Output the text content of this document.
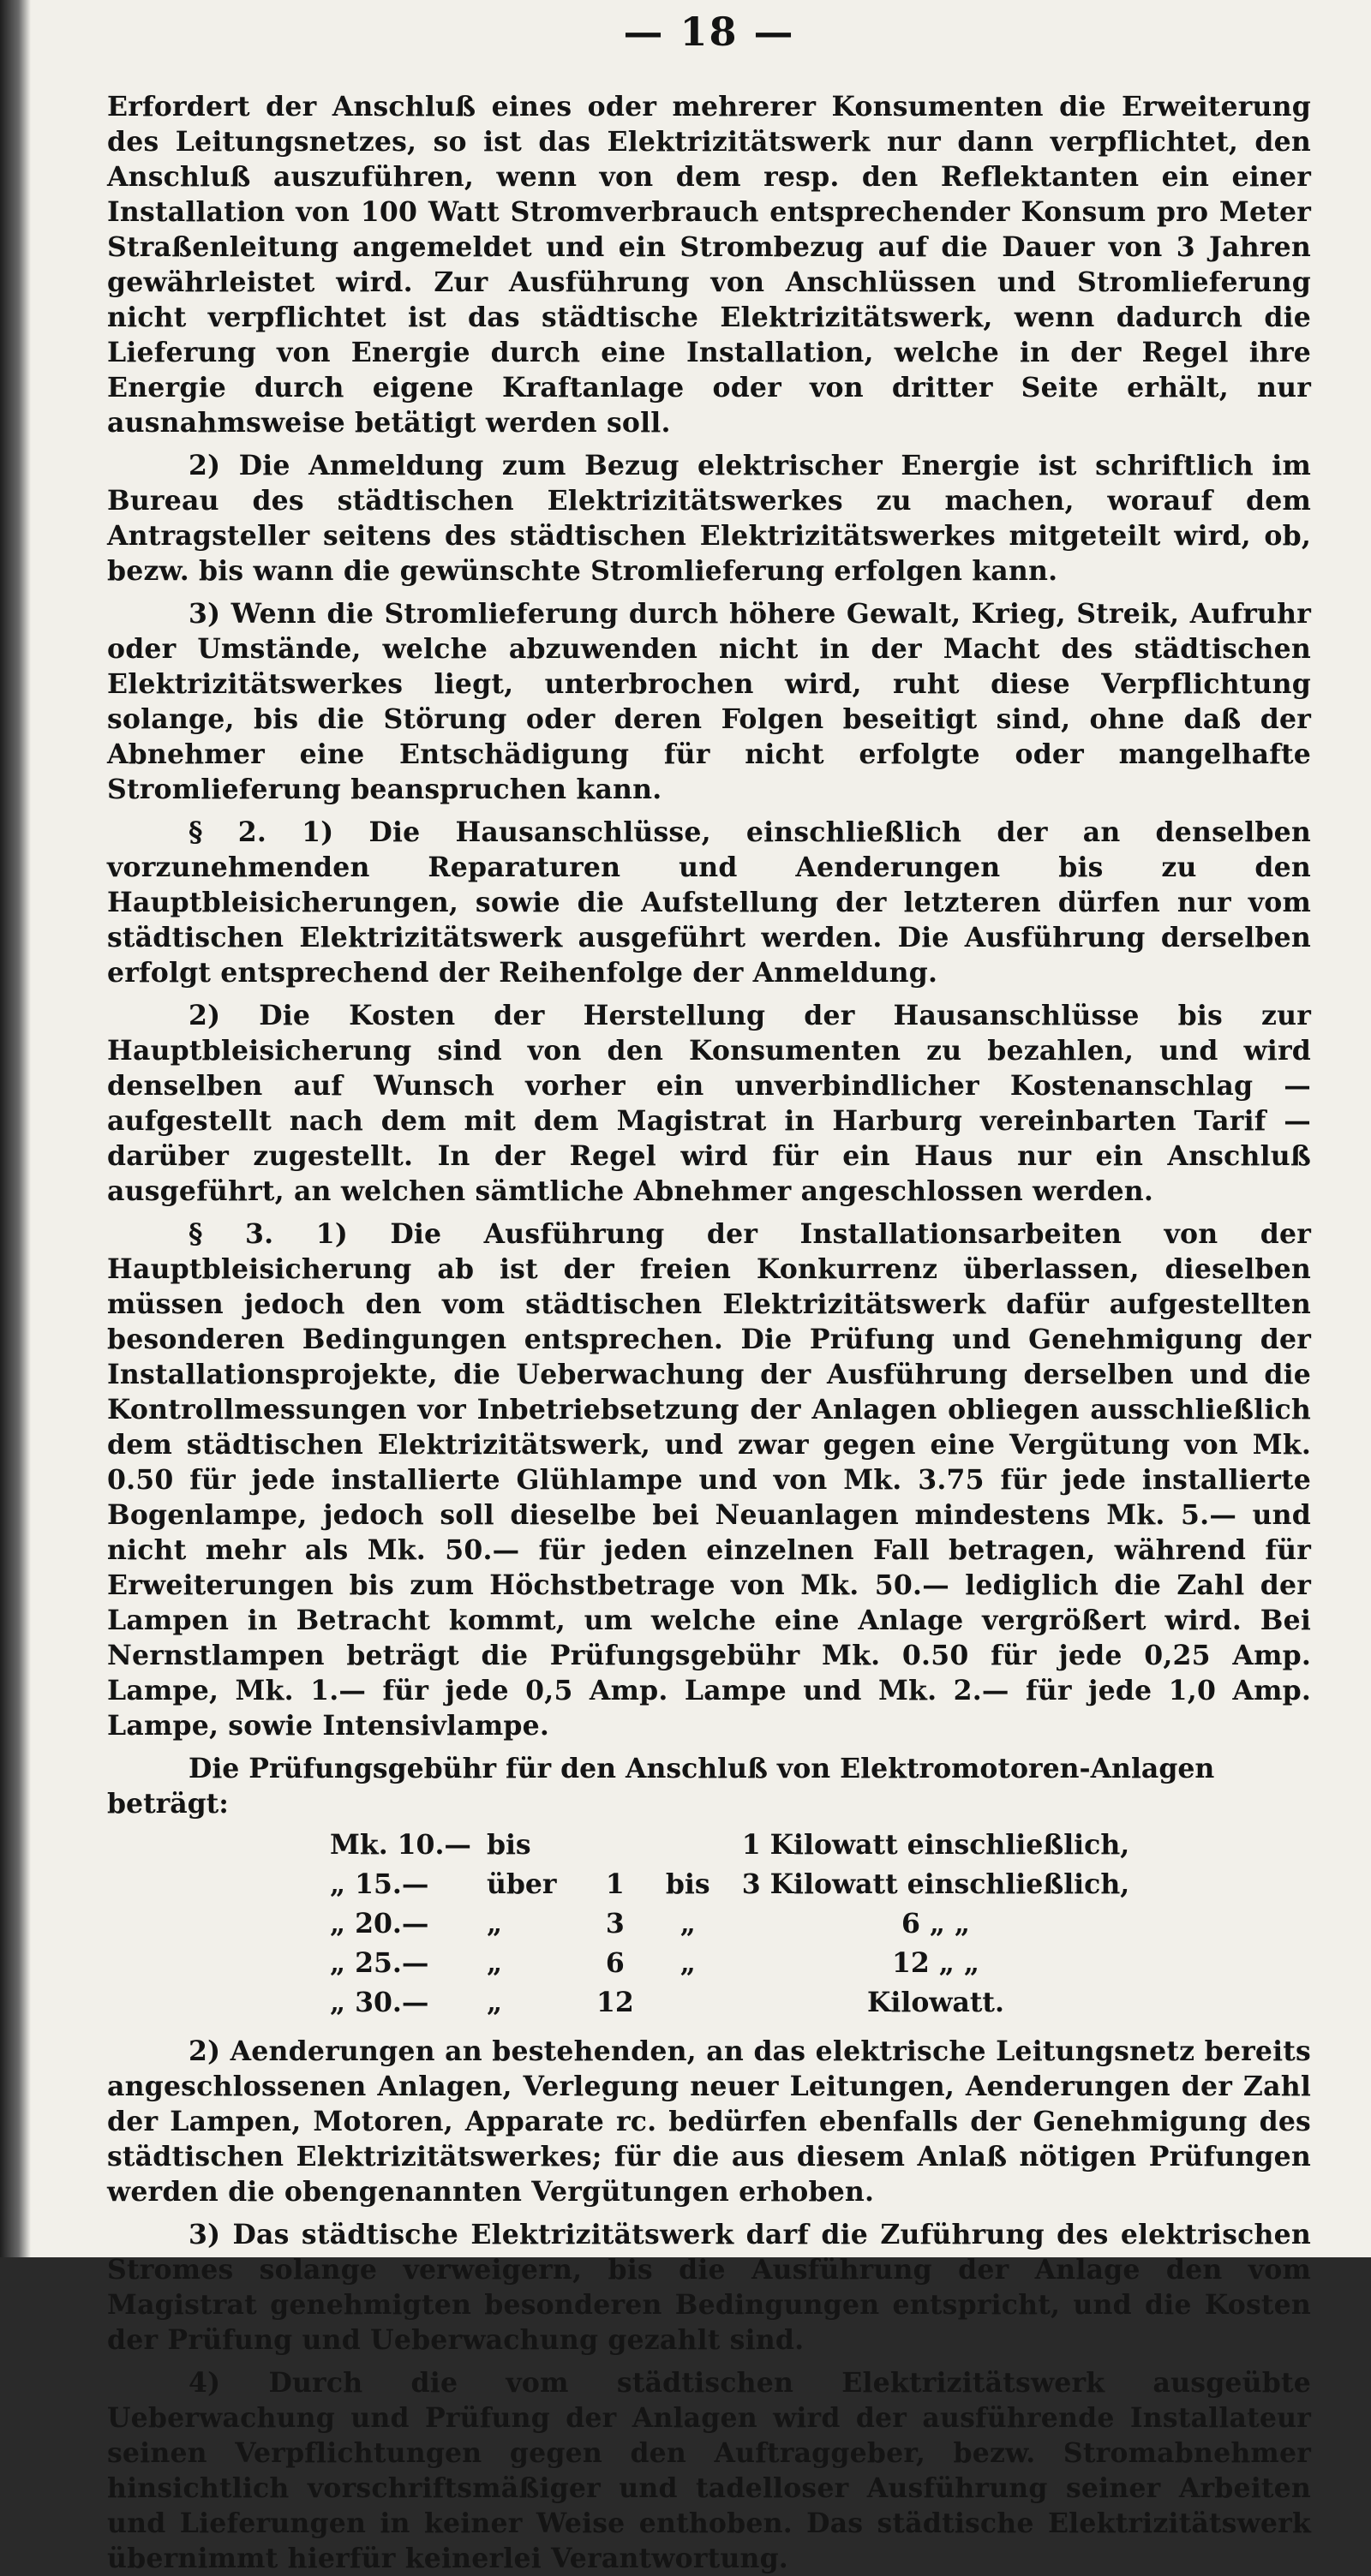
— 18 —

Erfordert der Anschluß eines oder mehrerer Konsumenten die Erweiterung des Leitungsnetzes, so ist das Elektrizitätswerk nur dann verpflichtet, den Anschluß auszuführen, wenn von dem resp. den Reflektanten ein einer Installation von 100 Watt Stromverbrauch entsprechender Konsum pro Meter Straßenleitung angemeldet und ein Strombezug auf die Dauer von 3 Jahren gewährleistet wird. Zur Ausführung von Anschlüssen und Stromlieferung nicht verpflichtet ist das städtische Elektrizitätswerk, wenn dadurch die Lieferung von Energie durch eine Installation, welche in der Regel ihre Energie durch eigene Kraftanlage oder von dritter Seite erhält, nur ausnahmsweise betätigt werden soll.

2) Die Anmeldung zum Bezug elektrischer Energie ist schriftlich im Bureau des städtischen Elektrizitätswerkes zu machen, worauf dem Antragsteller seitens des städtischen Elektrizitätswerkes mitgeteilt wird, ob, bezw. bis wann die gewünschte Stromlieferung erfolgen kann.

3) Wenn die Stromlieferung durch höhere Gewalt, Krieg, Streik, Aufruhr oder Umstände, welche abzuwenden nicht in der Macht des städtischen Elektrizitätswerkes liegt, unterbrochen wird, ruht diese Verpflichtung solange, bis die Störung oder deren Folgen beseitigt sind, ohne daß der Abnehmer eine Entschädigung für nicht erfolgte oder mangelhafte Stromlieferung beanspruchen kann.

§ 2. 1) Die Hausanschlüsse, einschließlich der an denselben vorzunehmenden Reparaturen und Aenderungen bis zu den Hauptbleisicherungen, sowie die Aufstellung der letzteren dürfen nur vom städtischen Elektrizitätswerk ausgeführt werden. Die Ausführung derselben erfolgt entsprechend der Reihenfolge der Anmeldung.

2) Die Kosten der Herstellung der Hausanschlüsse bis zur Hauptbleisicherung sind von den Konsumenten zu bezahlen, und wird denselben auf Wunsch vorher ein unverbindlicher Kostenanschlag — aufgestellt nach dem mit dem Magistrat in Harburg vereinbarten Tarif — darüber zugestellt. In der Regel wird für ein Haus nur ein Anschluß ausgeführt, an welchen sämtliche Abnehmer angeschlossen werden.

§ 3. 1) Die Ausführung der Installationsarbeiten von der Hauptbleisicherung ab ist der freien Konkurrenz überlassen, dieselben müssen jedoch den vom städtischen Elektrizitätswerk dafür aufgestellten besonderen Bedingungen entsprechen. Die Prüfung und Genehmigung der Installationsprojekte, die Ueberwachung der Ausführung derselben und die Kontrollmessungen vor Inbetriebsetzung der Anlagen obliegen ausschließlich dem städtischen Elektrizitätswerk, und zwar gegen eine Vergütung von Mk. 0.50 für jede installierte Glühlampe und von Mk. 3.75 für jede installierte Bogenlampe, jedoch soll dieselbe bei Neuanlagen mindestens Mk. 5.— und nicht mehr als Mk. 50.— für jeden einzelnen Fall betragen, während für Erweiterungen bis zum Höchstbetrage von Mk. 50.— lediglich die Zahl der Lampen in Betracht kommt, um welche eine Anlage vergrößert wird. Bei Nernstlampen beträgt die Prüfungsgebühr Mk. 0.50 für jede 0,25 Amp. Lampe, Mk. 1.— für jede 0,5 Amp. Lampe und Mk. 2.— für jede 1,0 Amp. Lampe, sowie Intensivlampe.

Die Prüfungsgebühr für den Anschluß von Elektromotoren-Anlagen beträgt:
Mk. 10.—	bis			1 Kilowatt einschließlich,
„ 15.—	über	1	bis	3 Kilowatt einschließlich,
„ 20.—	„	3	„	6 „ „
„ 25.—	„	6	„	12 „ „
„ 30.—	„	12		Kilowatt.

2) Aenderungen an bestehenden, an das elektrische Leitungsnetz bereits angeschlossenen Anlagen, Verlegung neuer Leitungen, Aenderungen der Zahl der Lampen, Motoren, Apparate rc. bedürfen ebenfalls der Genehmigung des städtischen Elektrizitätswerkes; für die aus diesem Anlaß nötigen Prüfungen werden die obengenannten Vergütungen erhoben.

3) Das städtische Elektrizitätswerk darf die Zuführung des elektrischen Stromes solange verweigern, bis die Ausführung der Anlage den vom Magistrat genehmigten besonderen Bedingungen entspricht, und die Kosten der Prüfung und Ueberwachung gezahlt sind.

4) Durch die vom städtischen Elektrizitätswerk ausgeübte Ueberwachung und Prüfung der Anlagen wird der ausführende Installateur seinen Verpflichtungen gegen den Auftraggeber, bezw. Stromabnehmer hinsichtlich vorschriftsmäßiger und tadelloser Ausführung seiner Arbeiten und Lieferungen in keiner Weise enthoben. Das städtische Elektrizitätswerk übernimmt hierfür keinerlei Verantwortung.
